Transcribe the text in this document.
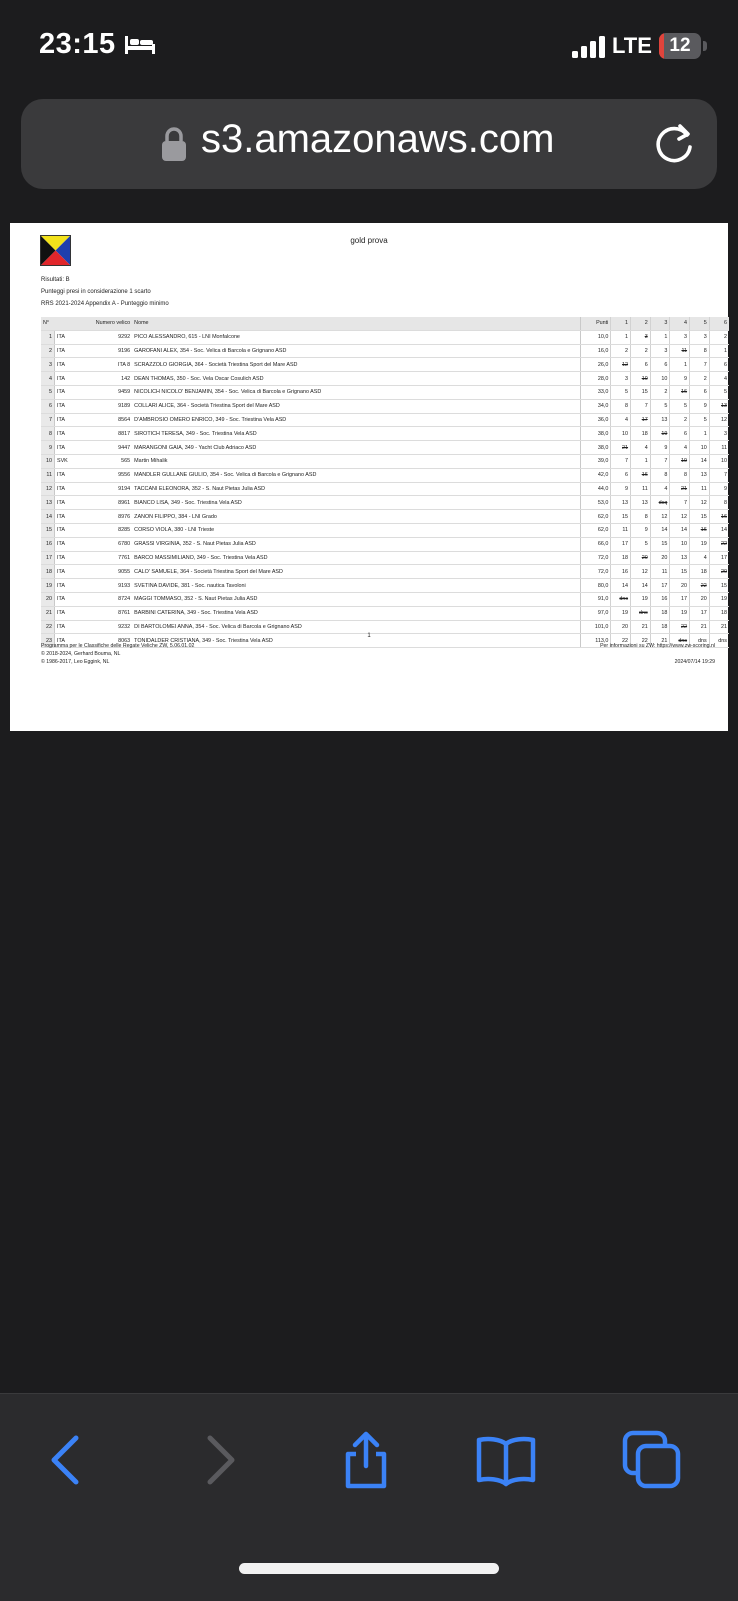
23:15	LTE 12
s3.amazonaws.com
gold prova
Risultati: B
Punteggi presi in considerazione 1 scarto
RRS 2021-2024 Appendix A - Punteggio minimo
N°		Numero velico	Nome	Punti	1	2	3	4	5	6
1	ITA	9292	PICO ALESSANDRO, 615 - LNI Monfalcone	10,0	1	3	1	3	3	2
2	ITA	9196	GAROFANI ALEX, 354 - Soc. Velica di Barcola e Grignano ASD	16,0	2	2	3	11	8	1
3	ITA	ITA 8	SCRAZZOLO GIORGIA, 364 - Società Triestina Sport del Mare ASD	26,0	12	6	6	1	7	6
4	ITA	142	DEAN THOMAS, 350 - Soc. Vela Oscar Cosulich ASD	28,0	3	10	10	9	2	4
5	ITA	9459	NICOLICH NICOLO' BENJAMIN, 354 - Soc. Velica di Barcola e Grignano ASD	33,0	5	15	2	16	6	5
6	ITA	9189	COLLARI ALICE, 364 - Società Triestina Sport del Mare ASD	34,0	8	7	5	5	9	13
7	ITA	8564	D'AMBROSIO OMERO ENRICO, 349 - Soc. Triestina Vela ASD	36,0	4	17	13	2	5	12
8	ITA	8817	SIROTICH TERESA, 349 - Soc. Triestina Vela ASD	38,0	10	18	19	6	1	3
9	ITA	9447	MARANGONI GAIA, 349 - Yacht Club Adriaco ASD	38,0	21	4	9	4	10	11
10	SVK	565	Martin Mihalik	39,0	7	1	7	19	14	10
11	ITA	9556	MANDLER GULLANE GIULIO, 354 - Soc. Velica di Barcola e Grignano ASD	42,0	6	16	8	8	13	7
12	ITA	9194	TACCANI ELEONORA, 352 - S. Naut Pietas Julia ASD	44,0	9	11	4	21	11	9
13	ITA	8961	BIANCO LISA, 349 - Soc. Triestina Vela ASD	53,0	13	13	dsq	7	12	8
14	ITA	8976	ZANON FILIPPO, 384 - LNI Grado	62,0	15	8	12	12	15	16
15	ITA	8285	CORSO VIOLA, 380 - LNI Trieste	62,0	11	9	14	14	16	14
16	ITA	6780	GRASSI VIRGINIA, 352 - S. Naut Pietas Julia ASD	66,0	17	5	15	10	19	22
17	ITA	7761	BARCO MASSIMILIANO, 349 - Soc. Triestina Vela ASD	72,0	18	20	20	13	4	17
18	ITA	9055	CALO' SAMUELE, 364 - Società Triestina Sport del Mare ASD	72,0	16	12	11	15	18	20
19	ITA	9193	SVETINA DAVIDE, 381 - Soc. nautica Tavoloni	80,0	14	14	17	20	22	15
20	ITA	8724	MAGGI TOMMASO, 352 - S. Naut Pietas Julia ASD	91,0	dnc	19	16	17	20	19
21	ITA	8761	BARBINI CATERINA, 349 - Soc. Triestina Vela ASD	97,0	19	dnc	18	19	17	18
22	ITA	9232	DI BARTOLOMEI ANNA, 354 - Soc. Velica di Barcola e Grignano ASD	101,0	20	21	18	22	21	21
23	ITA	8063	TONIDALDER CRISTIANA, 349 - Soc. Triestina Vela ASD	113,0	22	22	21	dns	dns	dns
1
Programma per le Classifiche delle Regate Veliche ZW, 5.06.01.02
© 2018-2024, Gerhard Bouma, NL
© 1986-2017, Leo Eggink, NL
Per informazioni su ZW: https://www.zw-scoring.nl
2024/07/14 19:29
